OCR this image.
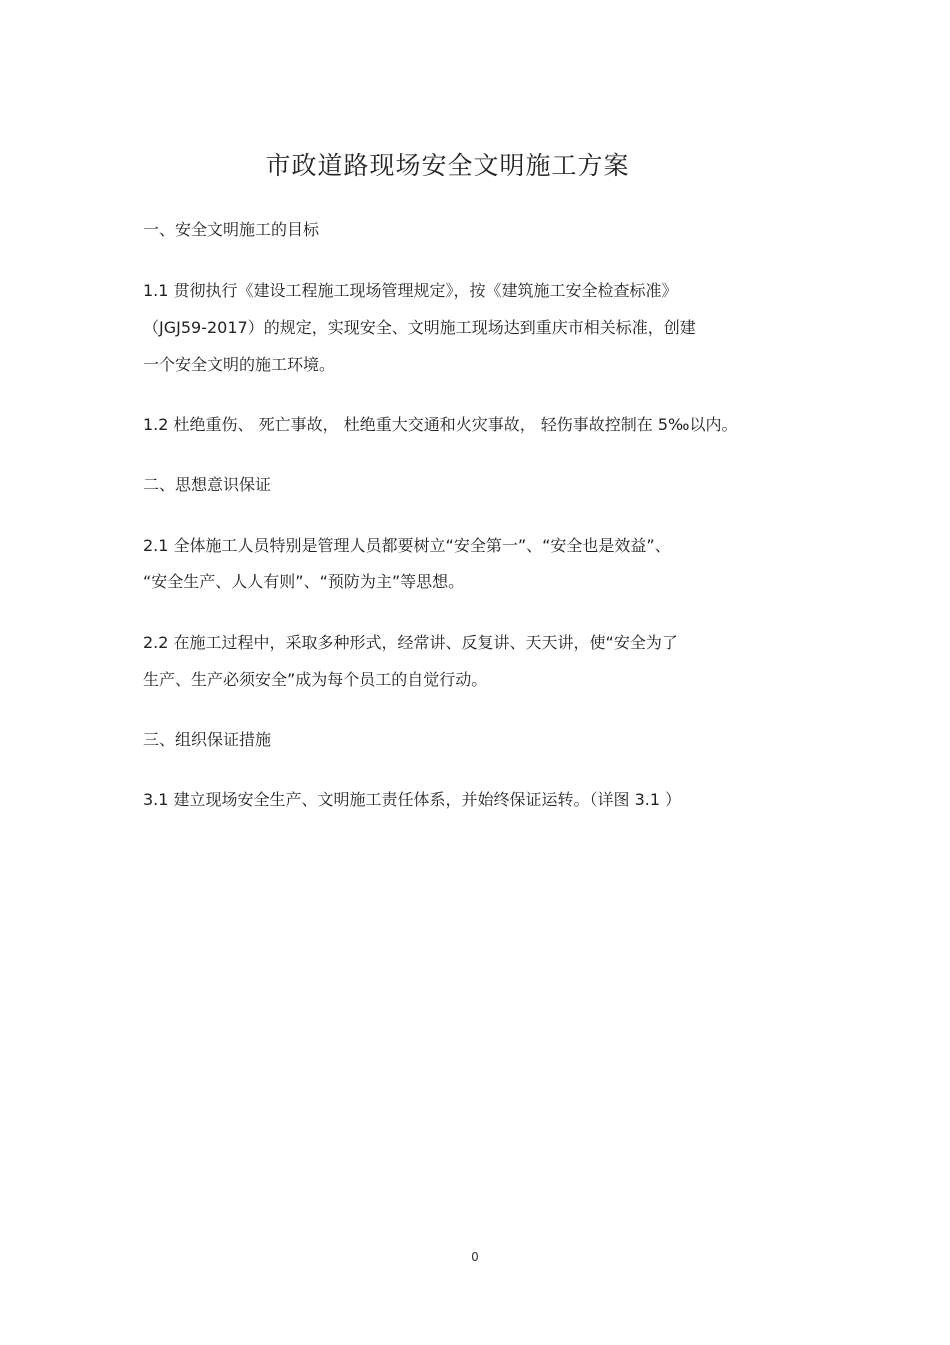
市政道路现场安全文明施工方案
一、安全文明施工的目标
1.1 贯彻执行《建设工程施工现场管理规定》，按《建筑施工安全检查标准》
（JGJ59-2017）的规定，实现安全、文明施工现场达到重庆市相关标准，创建
一个安全文明的施工环境。
1.2 杜绝重伤、 死亡事故， 杜绝重大交通和火灾事故， 轻伤事故控制在 5‰以内。
二、思想意识保证
2.1 全体施工人员特别是管理人员都要树立“安全第一”、“安全也是效益”、
“安全生产、人人有则”、“预防为主”等思想。
2.2 在施工过程中，采取多种形式，经常讲、反复讲、天天讲，使“安全为了
生产、生产必须安全”成为每个员工的自觉行动。
三、组织保证措施
3.1 建立现场安全生产、文明施工责任体系，并始终保证运转。（详图 3.1 ）
0
